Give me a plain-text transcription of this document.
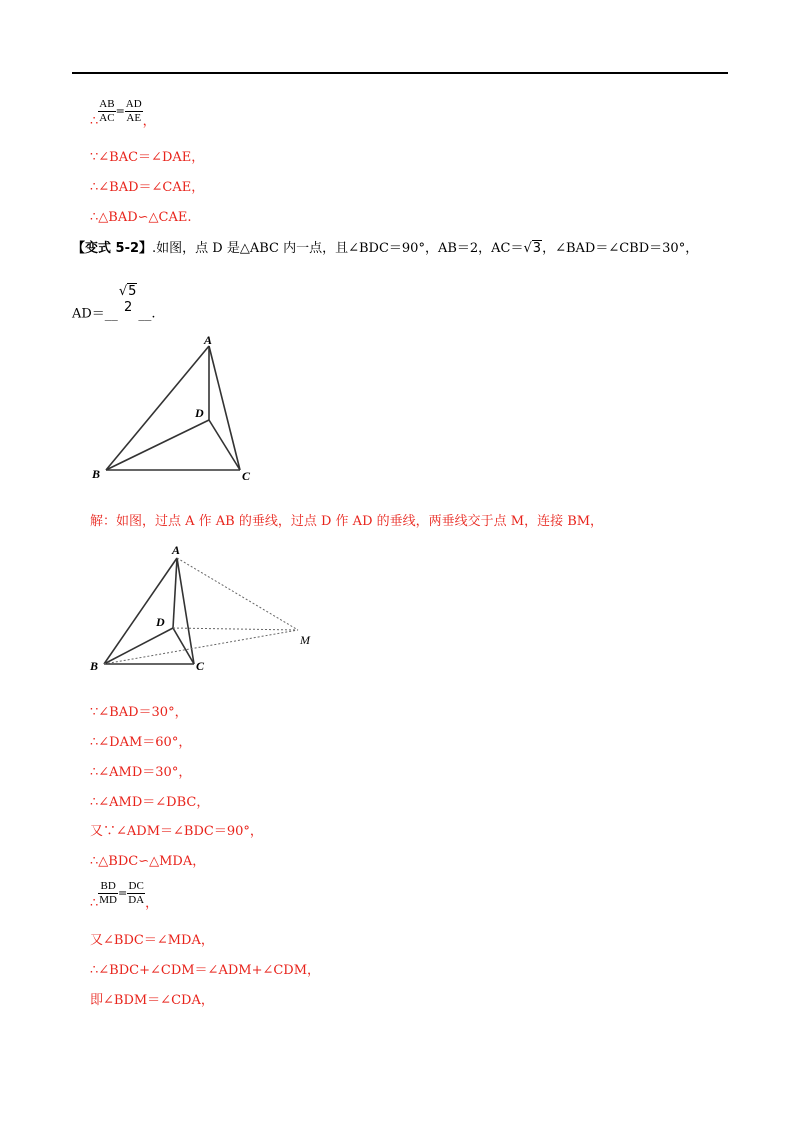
∴ $\frac{AB}{AC} = \frac{AD}{AE}$ ，
∵∠BAC＝∠DAE，
∴∠BAD＝∠CAE，
∴△BAD∽△CAE.
【变式 5-2】.如图，点 D 是△ABC 内一点，且∠BDC＝90°，AB＝2，AC＝√3，∠BAD＝∠CBD＝30°，
AD＝__
√5
2 __.
A
D
B	C
解：如图，过点 A 作 AB 的垂线，过点 D 作 AD 的垂线，两垂线交于点 M，连接 BM，
A
D
B	C
M
∵∠BAD＝30°，
∴∠DAM＝60°，
∴∠AMD＝30°，
∴∠AMD＝∠DBC，
又∵∠ADM＝∠BDC＝90°，
∴△BDC∽△MDA，
∴ $\frac{BD}{MD} = \frac{DC}{DA}$ ，
又∠BDC＝∠MDA，
∴∠BDC+∠CDM＝∠ADM+∠CDM，
即∠BDM＝∠CDA，
